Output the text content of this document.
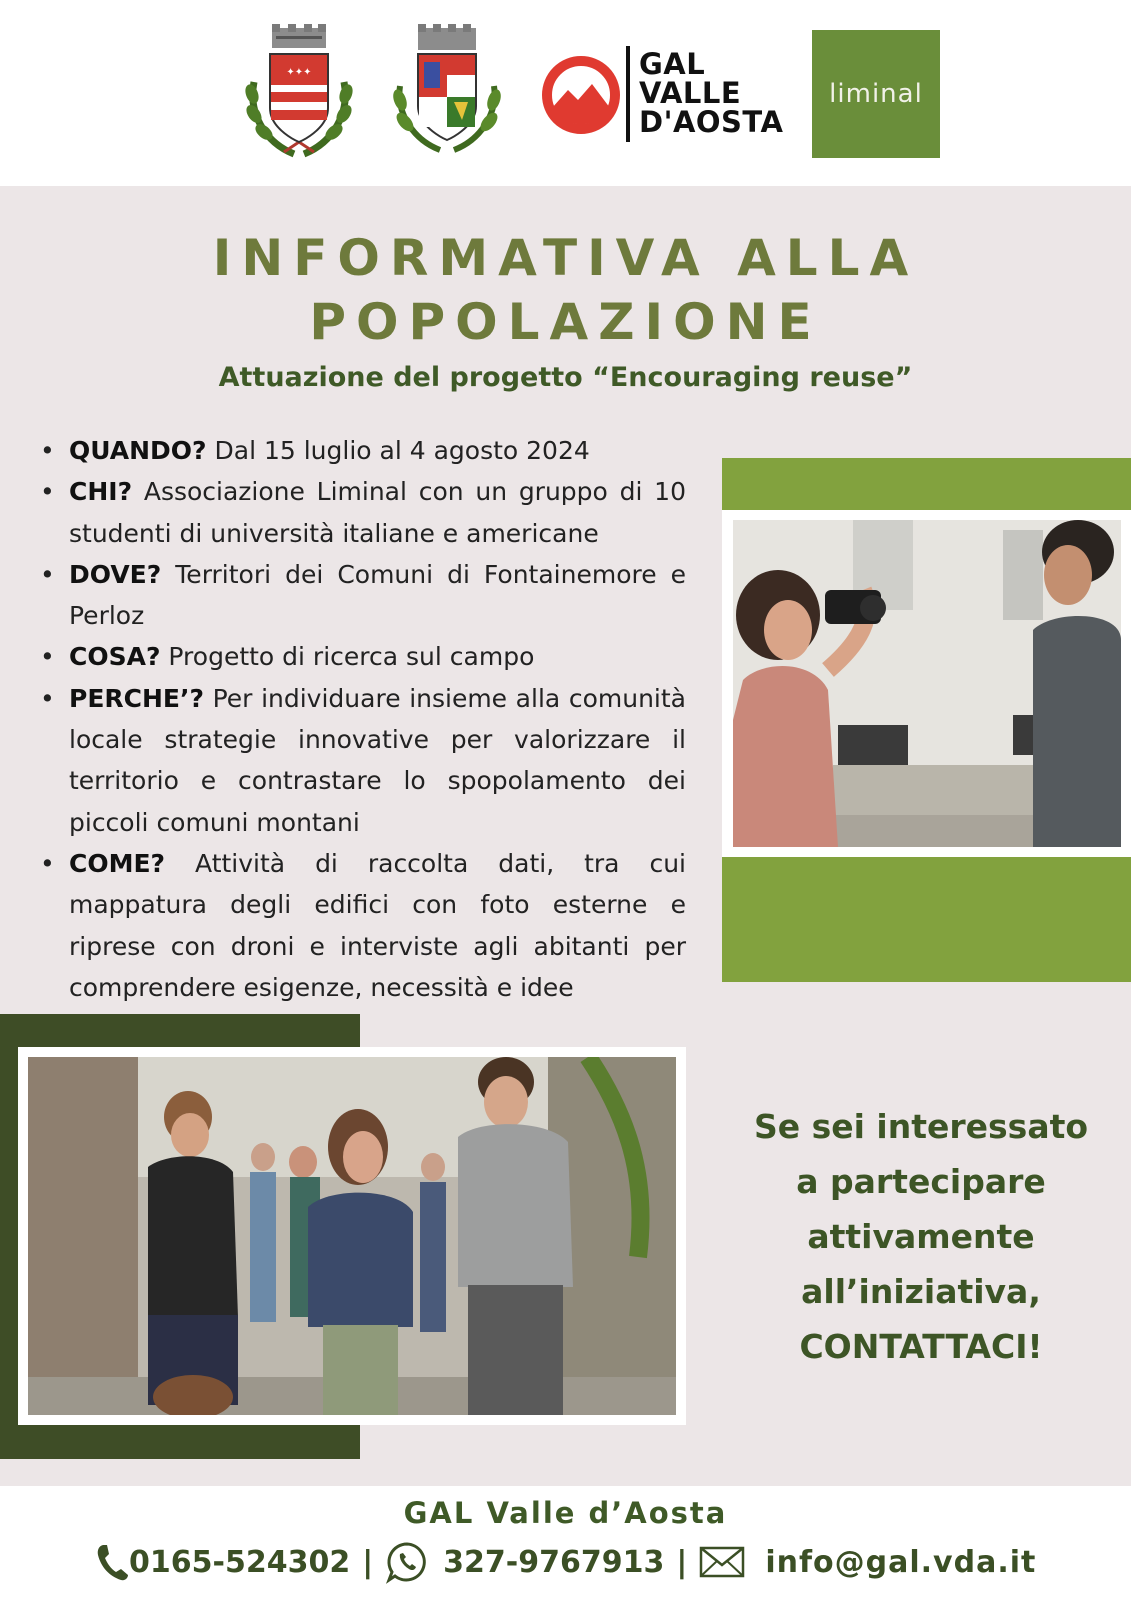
✦✦✦	GAL
VALLE
D'AOSTA
liminal
INFORMATIVA ALLA
POPOLAZIONE
Attuazione del progetto “Encouraging reuse”
• QUANDO? Dal 15 luglio al 4 agosto 2024
• CHI? Associazione Liminal con un gruppo di 10 studenti di università italiane e americane
• DOVE? Territori dei Comuni di Fontainemore e Perloz
• COSA? Progetto di ricerca sul campo
• PERCHE’? Per individuare insieme alla comunità locale strategie innovative per valorizzare il territorio e contrastare lo spopolamento dei piccoli comuni montani
• COME? Attività di raccolta dati, tra cui mappatura degli edifici con foto esterne e riprese con droni e interviste agli abitanti per comprendere esigenze, necessità e idee
Se sei interessato
a partecipare
attivamente
all’iniziativa,
CONTATTACI!
GAL Valle d’Aosta
0165-524302 | 327-9767913 |	info@gal.vda.it
